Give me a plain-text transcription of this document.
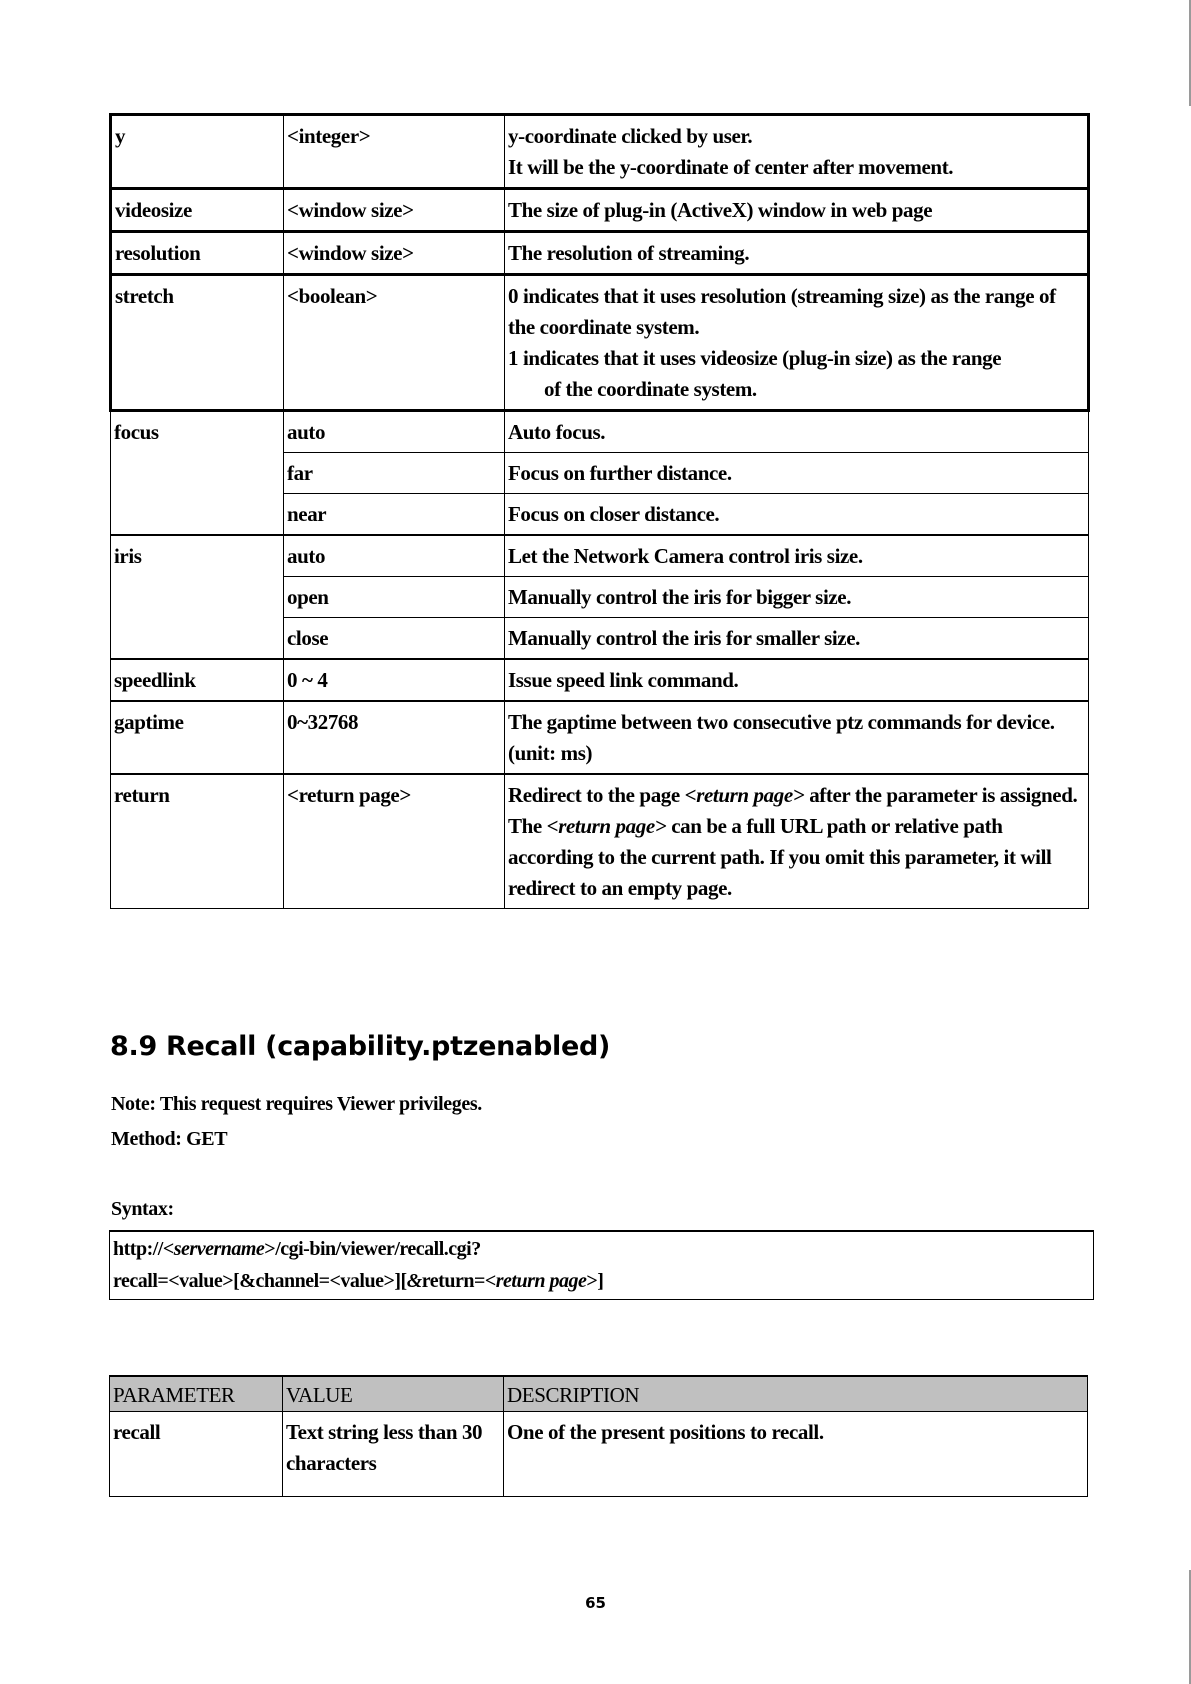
y	<integer>	y-coordinate clicked by user.
It will be the y-coordinate of center after movement.

videosize	<window size>	The size of plug-in (ActiveX) window in web page
resolution	<window size>	The resolution of streaming.
stretch	<boolean>	0 indicates that it uses resolution (streaming size) as the range of the coordinate system.
1 indicates that it uses videosize (plug-in size) as the range
of the coordinate system.

focus	auto	Auto focus.
	far	Focus on further distance.
	near	Focus on closer distance.
iris	auto	Let the Network Camera control iris size.
	open	Manually control the iris for bigger size.
	close	Manually control the iris for smaller size.
speedlink	0 ~ 4	Issue speed link command.
gaptime	0~32768	The gaptime between two consecutive ptz commands for device. (unit: ms)
return	<return page>	Redirect to the page <return page> after the parameter is assigned. The <return page> can be a full URL path or relative path according to the current path. If you omit this parameter, it will redirect to an empty page.
8.9 Recall (capability.ptzenabled)

Note: This request requires Viewer privileges.

Method: GET

Syntax:

http://<servername>/cgi-bin/viewer/recall.cgi?
recall=<value>[&channel=<value>][&return=<return page>]
PARAMETER	VALUE	DESCRIPTION
recall	Text string less than 30 characters	One of the present positions to recall.
65
